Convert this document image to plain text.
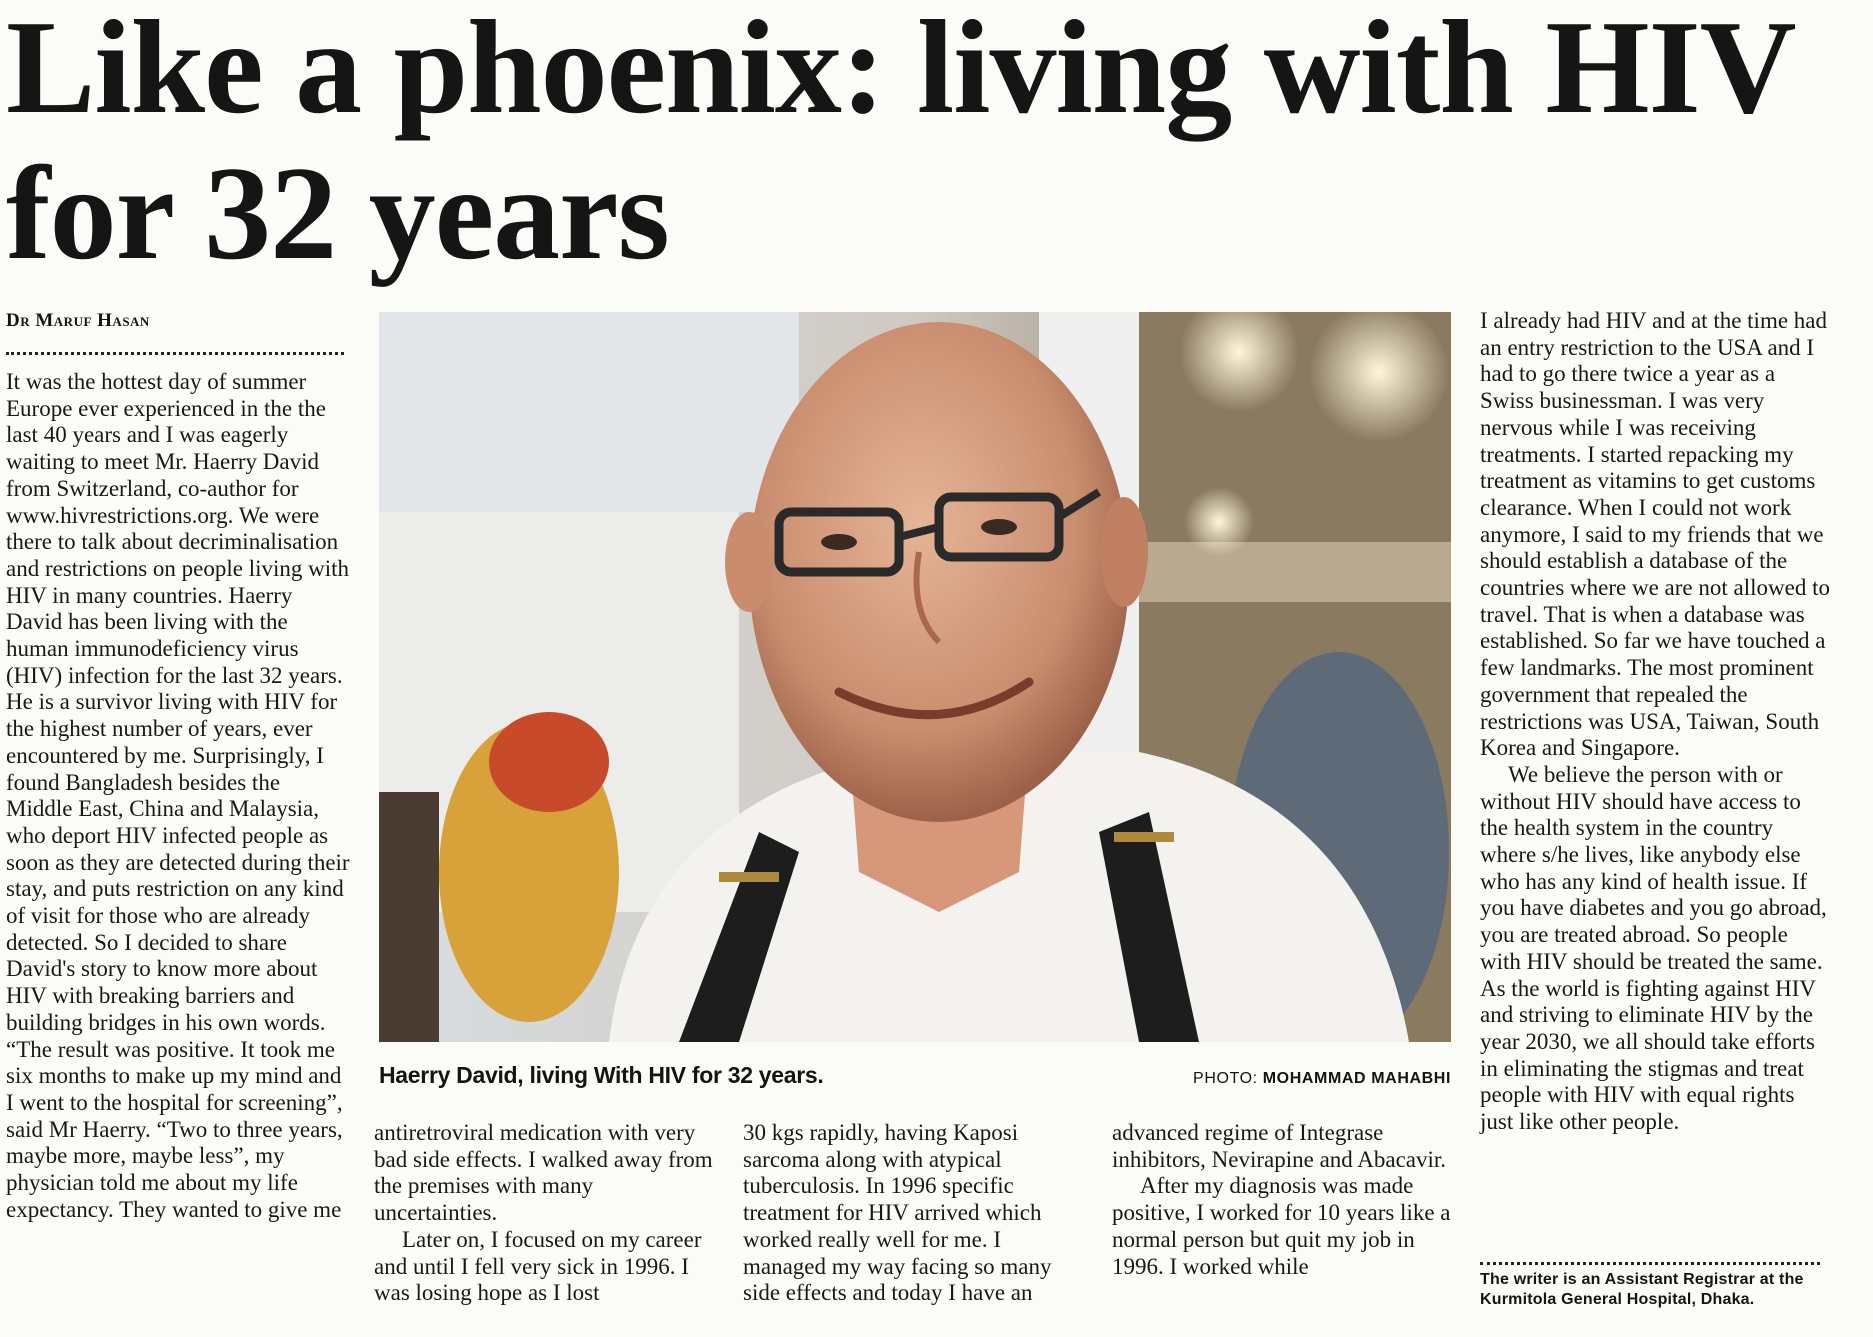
Like a phoenix: living with HIV for 32 years
Dr Maruf Hasan

It was the hottest day of summer Europe ever experienced in the the last 40 years and I was eagerly waiting to meet Mr. Haerry David from Switzerland, co-author for www.hivrestrictions.org. We were there to talk about decriminalisation and restrictions on people living with HIV in many countries. Haerry David has been living with the human immunodeficiency virus (HIV) infection for the last 32 years. He is a survivor living with HIV for the highest number of years, ever encountered by me. Surprisingly, I found Bangladesh besides the Middle East, China and Malaysia, who deport HIV infected people as soon as they are detected during their stay, and puts restriction on any kind of visit for those who are already detected. So I decided to share David's story to know more about HIV with breaking barriers and building bridges in his own words.

“The result was positive. It took me six months to make up my mind and I went to the hospital for screening”, said Mr Haerry. “Two to three years, maybe more, maybe less”, my physician told me about my life expectancy. They wanted to give me

Haerry David, living With HIV for 32 years.	PHOTO: MOHAMMAD MAHABHI

antiretroviral medication with very bad side effects. I walked away from the premises with many uncertainties.

Later on, I focused on my career and until I fell very sick in 1996. I was losing hope as I lost

30 kgs rapidly, having Kaposi sarcoma along with atypical tuberculosis. In 1996 specific treatment for HIV arrived which worked really well for me. I managed my way facing so many side effects and today I have an

advanced regime of Integrase inhibitors, Nevirapine and Abacavir.

After my diagnosis was made positive, I worked for 10 years like a normal person but quit my job in 1996. I worked while

I already had HIV and at the time had an entry restriction to the USA and I had to go there twice a year as a Swiss businessman. I was very nervous while I was receiving treatments. I started repacking my treatment as vitamins to get customs clearance. When I could not work anymore, I said to my friends that we should establish a database of the countries where we are not allowed to travel. That is when a database was established. So far we have touched a few landmarks. The most prominent government that repealed the restrictions was USA, Taiwan, South Korea and Singapore.

We believe the person with or without HIV should have access to the health system in the country where s/he lives, like anybody else who has any kind of health issue. If you have diabetes and you go abroad, you are treated abroad. So people with HIV should be treated the same. As the world is fighting against HIV and striving to eliminate HIV by the year 2030, we all should take efforts in eliminating the stigmas and treat people with HIV with equal rights just like other people.

The writer is an Assistant Registrar at the Kurmitola General Hospital, Dhaka.
